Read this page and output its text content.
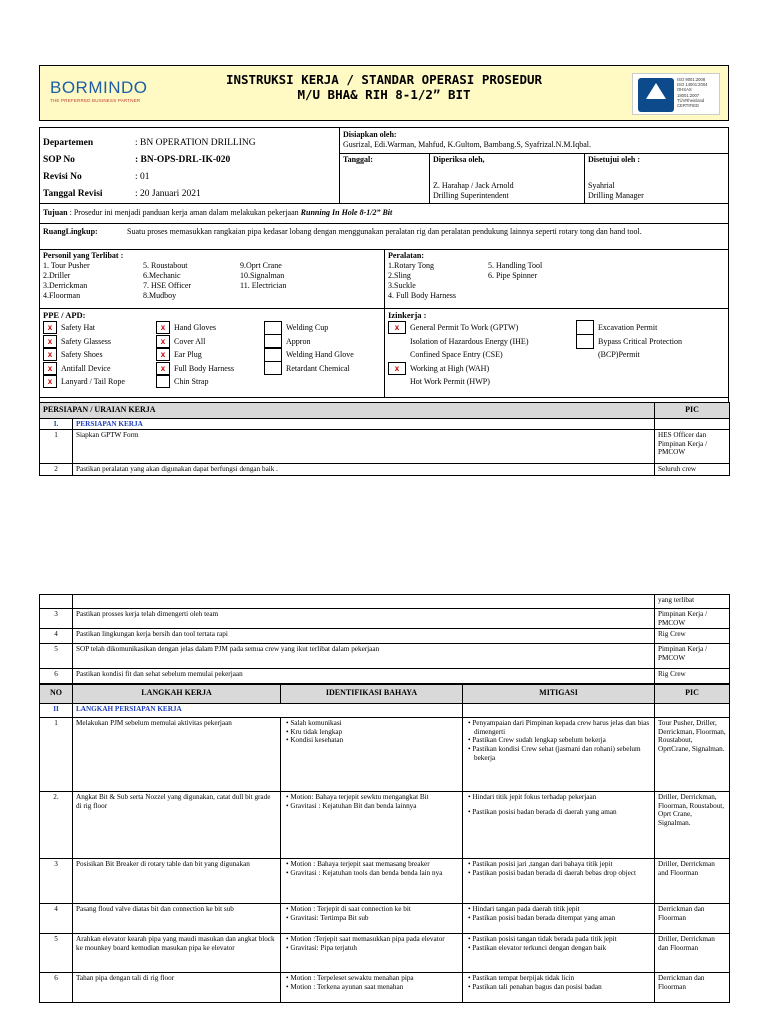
BORMINDO
THE PREFERRED BUSINESS PARTNER
INSTRUKSI KERJA / STANDAR OPERASI PROSEDUR
M/U BHA& RIH 8-1/2” BIT
ISO 9001:2008
ISO 14001:2004
OHSAS
18001:2007
TÜVRheinland
CERTIFIED
Departemen	: BN OPERATION DRILLING
SOP No	: BN-OPS-DRL-IK-020
Revisi No	: 01
Tanggal Revisi	: 20 Januari 2021
Disiapkan oleh:
Gusrizal, Edi.Warman, Mahfud, K.Gultom, Bambang.S, Syafrizal.N.M.Iqbal.
Tanggal:	Diperiksa oleh,
Z. Harahap / Jack Arnold
Drilling Superintendent
Disetujui oleh :
Syahrial
Drilling Manager
Tujuan : Prosedur ini menjadi panduan kerja aman dalam melakukan pekerjaan Running In Hole 8-1/2” Bit
RuangLingkup:	Suatu proses memasukkan rangkaian pipa kedasar lobang dengan menggunakan peralatan rig dan peralatan pendukung lainnya seperti rotary tong dan hand tool.
Personil yang Terlibat :
1. Tour Pusher
2.Driller
3.Derrickman
4.Floorman
5. Roustabout
6.Mechanic
7. HSE Officer
8.Mudboy
9.Oprt Crane
10.Signalman
11. Electrician
Peralatan:
1.Rotary Tong
2.Sling
3.Suckle
4. Full Body Harness
5. Handling Tool
6. Pipe Spinner
PPE / APD:
x	Safety Hat
x	Safety Glassess
x	Safety Shoes
x	Antifall Device
x	Lanyard / Tail Rope
x	Hand Gloves
x	Cover All
x	Ear Plug
x	Full Body Harness
Chin Strap
Welding Cup
Appron
Welding Hand Glove
Retardant Chemical
Izinkerja :
x	General Permit To Work (GPTW)
Isolation of Hazardous Energy (IHE)
Confined Space Entry (CSE)
x	Working at High (WAH)
Hot Work Permit (HWP)
Excavation Permit
Bypass Critical Protection
(BCP)Permit
PERSIAPAN / URAIAN KERJA		PIC
I.	PERSIAPAN KERJA	
1	Siapkan GPTW Form	HES Officer dan Pimpinan Kerja / PMCOW
2	Pastikan peralatan yang akan digunakan dapat berfungsi dengan baik .	Seluruh crew
		yang terlibat
3	Pastikan prosses kerja telah dimengerti oleh team	Pimpinan Kerja / PMCOW
4	Pastikan lingkungan kerja bersih dan tool tertata rapi	Rig Crew
5	SOP telah dikomunikasikan dengan jelas dalam PJM pada semua crew yang ikut terlibat dalam pekerjaan	Pimpinan Kerja / PMCOW
6	Pastikan kondisi fit dan sehat sebelum memulai pekerjaan	Rig Crew
NO	LANGKAH KERJA	IDENTIFIKASI BAHAYA	MITIGASI	PIC
II	LANGKAH PERSIAPAN KERJA			
1	Melakukan PJM sebelum memulai aktivitas pekerjaan	• Salah komunikasi
• Kru tidak lengkap
• Kondisi kesehatan	• Penyampaian dari Pimpinan kepada crew harus jelas dan bias dimengerti
• Pastikan Crew sudah lengkap sebelum bekerja
• Pastikan kondisi Crew sehat (jasmani dan rohani) sebelum bekerja	Tour Pusher, Driller, Derrickman, Floorman, Roustabout, OprtCrane, Signalman.
2.	Angkat Bit & Sub serta Nozzel yang digunakan, catat dull bit grade di rig floor	• Motion: Bahaya terjepit sewktu mengangkat Bit
• Gravitasi : Kejatuhan Bit dan benda lainnya	• Hindari titik jepit fokus terhadap pekerjaan
• Pastikan posisi badan berada di daerah yang aman	Driller, Derrickman, Floorman, Roustabout, Oprt Crane, Signalman.
3	Posisikan Bit Breaker di rotary table dan bit yang digunakan	• Motion : Bahaya terjepit saat memasang breaker
• Gravitasi : Kejatuhan tools dan benda benda lain nya	• Pastikan posisi jari ,tangan dari bahaya titik jepit
• Pastikan posisi badan berada di daerah bebas drop object	Driller, Derrickman and Floorman
4	Pasang floud valve diatas bit dan connection ke bit sub	• Motion : Terjepit di saat connection ke bit
• Gravitasi: Tertimpa Bit sub	• Hindari tangan pada daerah titik jepit
• Pastikan posisi badan berada ditempat yang aman	Derrickman dan Floorman
5	Arahkan elevator kearah pipa yang maudi masukan dan angkat block ke mounkey board kemudian masukan pipa ke elevator	• Motion :Terjepit saat memasukkan pipa pada elevator
• Gravitasi: Pipa terjatuh	• Pastikan posisi tangan tidak berada pada titik jepit
• Pastikan elevator terkunci dengan dengan baik	Driller, Derrickman dan Floorman
6	Tahan pipa dengan tali di rig floor	• Motion : Terpeleset sewaktu menahan pipa
• Motion : Terkena ayunan saat menahan	• Pastikan tempat berpijak tidak licin
• Pastikan tali penahan bagus dan posisi badan	Derrickman dan Floorman
